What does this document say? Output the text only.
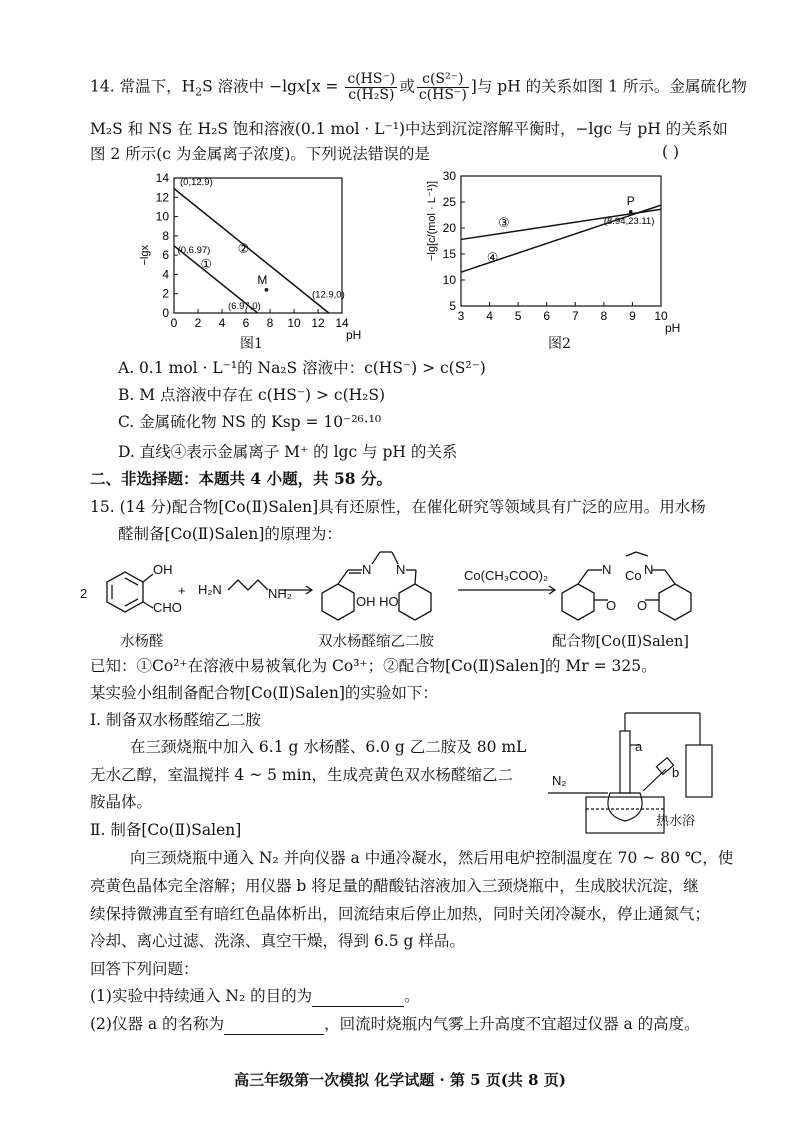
14. 常温下，$H_2S$ 溶液中 $-\lg x[x = \frac{c(HS^-)}{\text{c(H₂S)}}$ 或 $\frac{\text{c(S²⁻)}}{c(HS^-)}$ ]与 pH 的关系如图 1 所示。金属硫化物
M₂S 和 NS 在 H₂S 饱和溶液(0.1 mol · L⁻¹)中达到沉淀溶解平衡时，−lgc 与 pH 的关系如
图 2 所示(c 为金属离子浓度)。下列说法错误的是	( )
0 2 4 6 8 10 12 14
0
2
4
6
8
10
12
14
pH
−lgx
(0,12.9)
(0,6.97)
(6.97,0)
(12.9,0)
①
②
M
图1
3 4 5 6 7 8 9 10
5
10
15
20
25
30
pH
−lg[c/(mol · L⁻¹)]	③
④
P
(8.94,23.11)
图2
A. 0.1 mol · L⁻¹的 Na₂S 溶液中：c(HS⁻) > c(S²⁻)
B. M 点溶液中存在 c(HS⁻) > c(H₂S)
C. 金属硫化物 NS 的 Ksp = 10⁻²⁶·¹⁰
D. 直线④表示金属离子 M⁺ 的 lgc 与 pH 的关系
二、非选择题：本题共 4 小题，共 58 分。
15. (14 分)配合物[Co(Ⅱ)Salen]具有还原性，在催化研究等领域具有广泛的应用。用水杨
醛制备[Co(Ⅱ)Salen]的原理为：
2
OH
CHO
+ H₂N	NH₂
N N
OH HO
Co(CH₃COO)₂	N Co N
O O
水杨醛	双水杨醛缩乙二胺	配合物[Co(Ⅱ)Salen]
已知：①Co²⁺在溶液中易被氧化为 Co³⁺；②配合物[Co(Ⅱ)Salen]的 Mr = 325。
某实验小组制备配合物[Co(Ⅱ)Salen]的实验如下：
Ⅰ. 制备双水杨醛缩乙二胺
在三颈烧瓶中加入 6.1 g 水杨醛、6.0 g 乙二胺及 80 mL
无水乙醇，室温搅拌 4 ~ 5 min，生成亮黄色双水杨醛缩乙二
胺晶体。
Ⅱ. 制备[Co(Ⅱ)Salen]
a
b
N₂
热水浴
向三颈烧瓶中通入 N₂ 并向仪器 a 中通冷凝水，然后用电炉控制温度在 70 ~ 80 ℃，使
亮黄色晶体完全溶解；用仪器 b 将足量的醋酸钴溶液加入三颈烧瓶中，生成胶状沉淀，继
续保持微沸直至有暗红色晶体析出，回流结束后停止加热，同时关闭冷凝水，停止通氮气；
冷却、离心过滤、洗涤、真空干燥，得到 6.5 g 样品。
回答下列问题：
(1)实验中持续通入 N₂ 的目的为	。
(2)仪器 a 的名称为	，回流时烧瓶内气雾上升高度不宜超过仪器 a 的高度。
高三年级第一次模拟 化学试题 · 第 5 页(共 8 页)
